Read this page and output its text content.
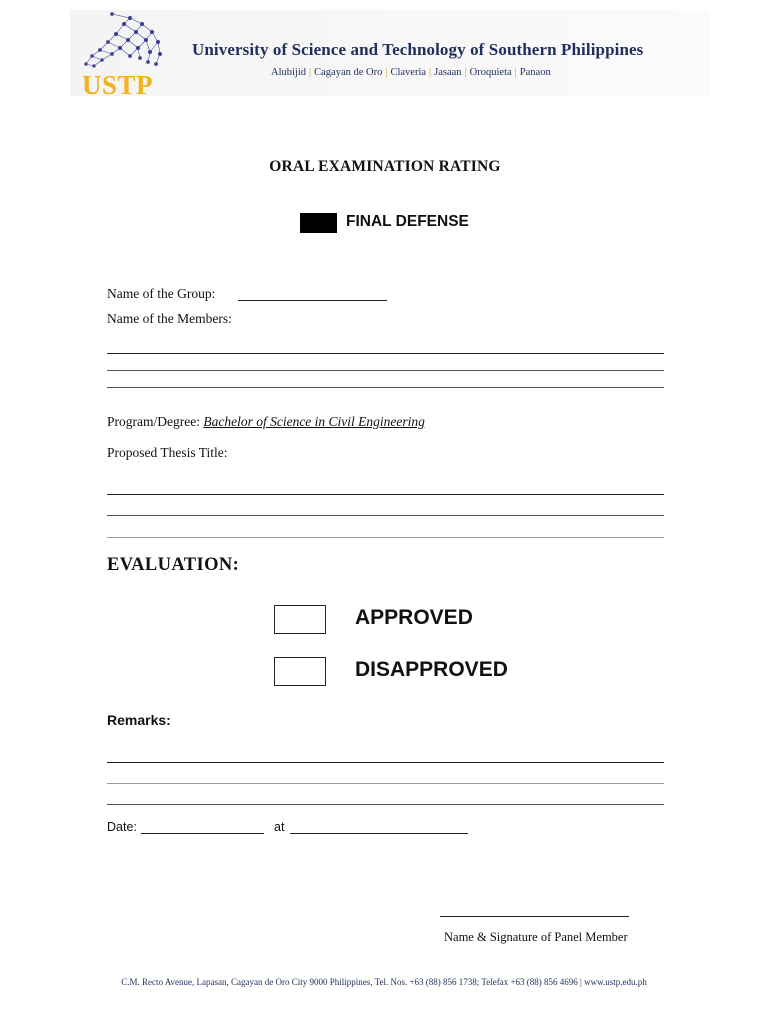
USTP
University of Science and Technology of Southern Philippines
Alubijid | Cagayan de Oro | Claveria | Jasaan | Oroquieta | Panaon
ORAL EXAMINATION RATING
FINAL DEFENSE
Name of the Group:
Name of the Members:
Program/Degree: Bachelor of Science in Civil Engineering
Proposed Thesis Title:
EVALUATION:
APPROVED
DISAPPROVED
Remarks:
Date:	at
Name & Signature of Panel Member
C.M. Recto Avenue, Lapasan, Cagayan de Oro City 9000 Philippines, Tel. Nos. +63 (88) 856 1738; Telefax +63 (88) 856 4696 | www.ustp.edu.ph
